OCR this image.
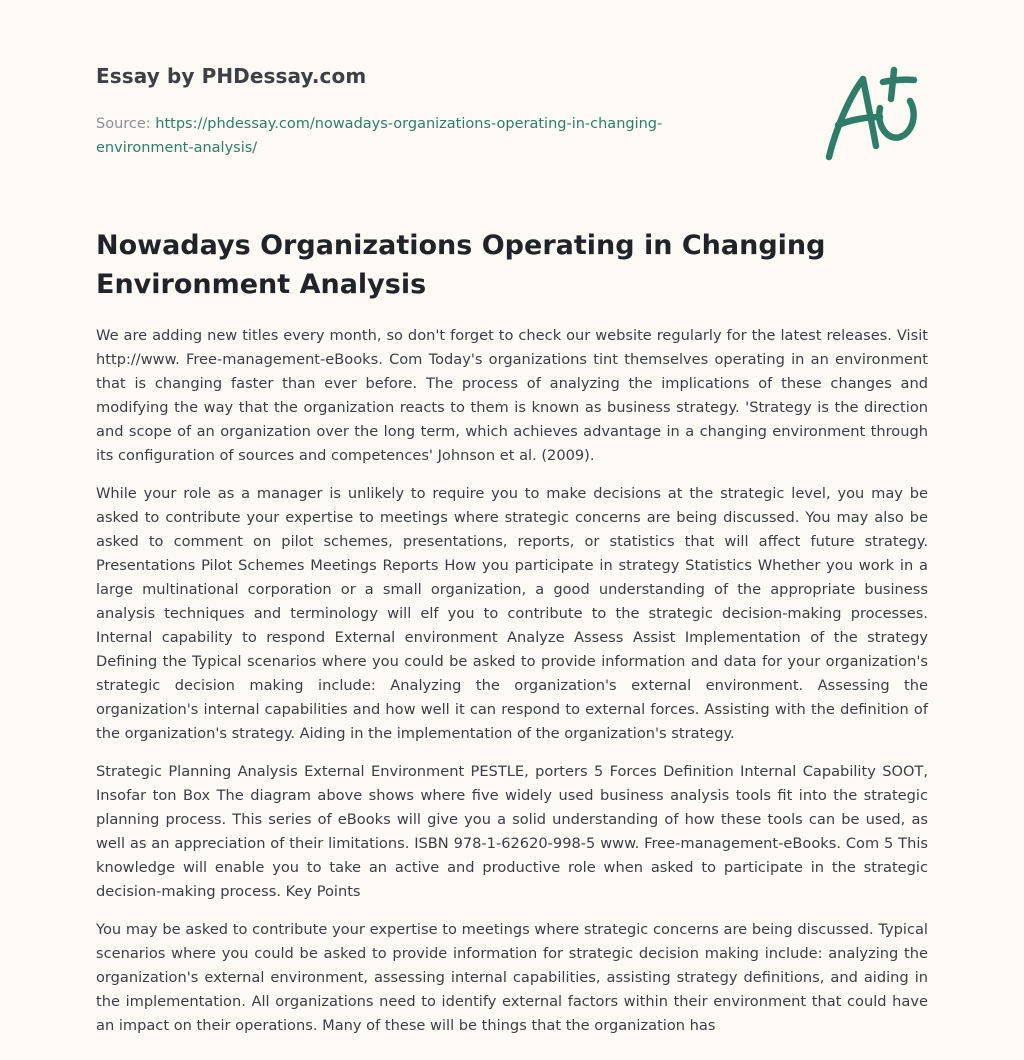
Essay by PHDessay.com
Source: https://phdessay.com/nowadays-organizations-operating-in-changing-environment-analysis/
Nowadays Organizations Operating in Changing Environment Analysis

We are adding new titles every month, so don't forget to check our website regularly for the latest releases. Visit http://www. Free-management-eBooks. Com Today's organizations tint themselves operating in an environment that is changing faster than ever before. The process of analyzing the implications of these changes and modifying the way that the organization reacts to them is known as business strategy. 'Strategy is the direction and scope of an organization over the long term, which achieves advantage in a changing environment through its configuration of sources and competences' Johnson et al. (2009).

While your role as a manager is unlikely to require you to make decisions at the strategic level, you may be asked to contribute your expertise to meetings where strategic concerns are being discussed. You may also be asked to comment on pilot schemes, presentations, reports, or statistics that will affect future strategy. Presentations Pilot Schemes Meetings Reports How you participate in strategy Statistics Whether you work in a large multinational corporation or a small organization, a good understanding of the appropriate business analysis techniques and terminology will elf you to contribute to the strategic decision-making processes. Internal capability to respond External environment Analyze Assess Assist Implementation of the strategy Defining the Typical scenarios where you could be asked to provide information and data for your organization's strategic decision making include: Analyzing the organization's external environment. Assessing the organization's internal capabilities and how well it can respond to external forces. Assisting with the definition of the organization's strategy. Aiding in the implementation of the organization's strategy.

Strategic Planning Analysis External Environment PESTLE, porters 5 Forces Definition Internal Capability SOOT, Insofar ton Box The diagram above shows where five widely used business analysis tools fit into the strategic planning process. This series of eBooks will give you a solid understanding of how these tools can be used, as well as an appreciation of their limitations. ISBN 978-1-62620-998-5 www. Free-management-eBooks. Com 5 This knowledge will enable you to take an active and productive role when asked to participate in the strategic decision-making process. Key Points

You may be asked to contribute your expertise to meetings where strategic concerns are being discussed. Typical scenarios where you could be asked to provide information for strategic decision making include: analyzing the organization's external environment, assessing internal capabilities, assisting strategy definitions, and aiding in the implementation. All organizations need to identify external factors within their environment that could have an impact on their operations. Many of these will be things that the organization has
